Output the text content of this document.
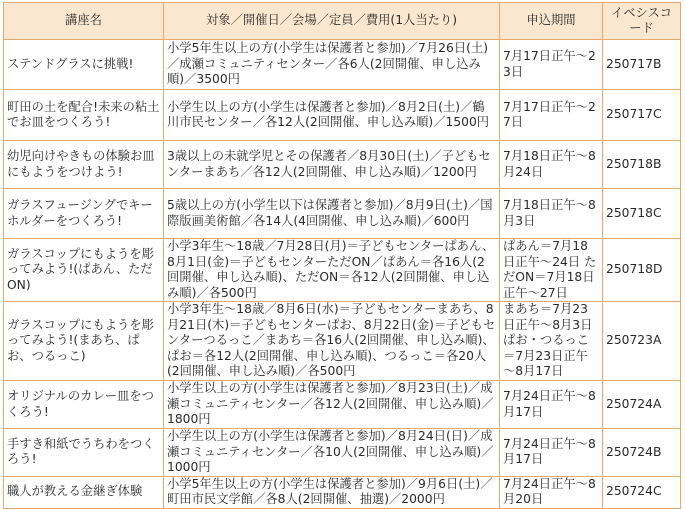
講座名	対象／開催日／会場／定員／費用(1人当たり)	申込期間	イベシスコード
ステンドグラスに挑戦!	小学5年生以上の方(小学生は保護者と参加)／7月26日(土)／成瀬コミュニティセンター／各6人(2回開催、申し込み順)／3500円	7月17日正午～23日	250717B
町田の土を配合!未来の粘土でお皿をつくろう!	小学生以上の方(小学生は保護者と参加)／8月2日(土)／鶴川市民センター／各12人(2回開催、申し込み順)／1500円	7月17日正午～27日	250717C
幼児向けやきもの体験お皿にもようをつけよう!	3歳以上の未就学児とその保護者／8月30日(土)／子どもセンターまあち／各12人(2回開催、申し込み順)／1200円	7月18日正午～8月24日	250718B
ガラスフュージングでキーホルダーをつくろう!	5歳以上の方(小学生以下は保護者と参加)／8月9日(土)／国際版画美術館／各14人(4回開催、申し込み順)／600円	7月18日正午～8月3日	250718C
ガラスコップにもようを彫ってみよう!(ぱあん、ただON)	小学3年生～18歳／7月28日(月)＝子どもセンターぱあん、8月1日(金)＝子どもセンターただON／ぱあん＝各16人(2回開催、申し込み順)、ただON＝各12人(2回開催、申し込み順)／各500円	ぱあん＝7月18日正午～24日 ただON＝7月18日正午～27日	250718D
ガラスコップにもようを彫ってみよう!(まあち、ぱお、つるっこ)	小学3年生～18歳／8月6日(水)＝子どもセンターまあち、8月21日(木)＝子どもセンターぱお、8月22日(金)＝子どもセンターつるっこ／まあち＝各16人(2回開催、申し込み順)、ぱお＝各12人(2回開催、申し込み順)、つるっこ＝各20人(2回開催、申し込み順)／各500円	まあち＝7月23日正午～8月3日 ぱお・つるっこ＝7月23日正午～8月17日	250723A
オリジナルのカレー皿をつくろう!	小学生以上の方(小学生は保護者と参加)／8月23日(土)／成瀬コミュニティセンター／各12人(2回開催、申し込み順)／1800円	7月24日正午～8月17日	250724A
手すき和紙でうちわをつくろう!	小学生以上の方(小学生は保護者と参加)／8月24日(日)／成瀬コミュニティセンター／各10人(2回開催、申し込み順)／1000円	7月24日正午～8月17日	250724B
職人が教える金継ぎ体験	小学5年生以上の方(小学生は保護者と参加)／9月6日(土)／町田市民文学館／各8人(2回開催、抽選)／2000円	7月24日正午～8月20日	250724C
